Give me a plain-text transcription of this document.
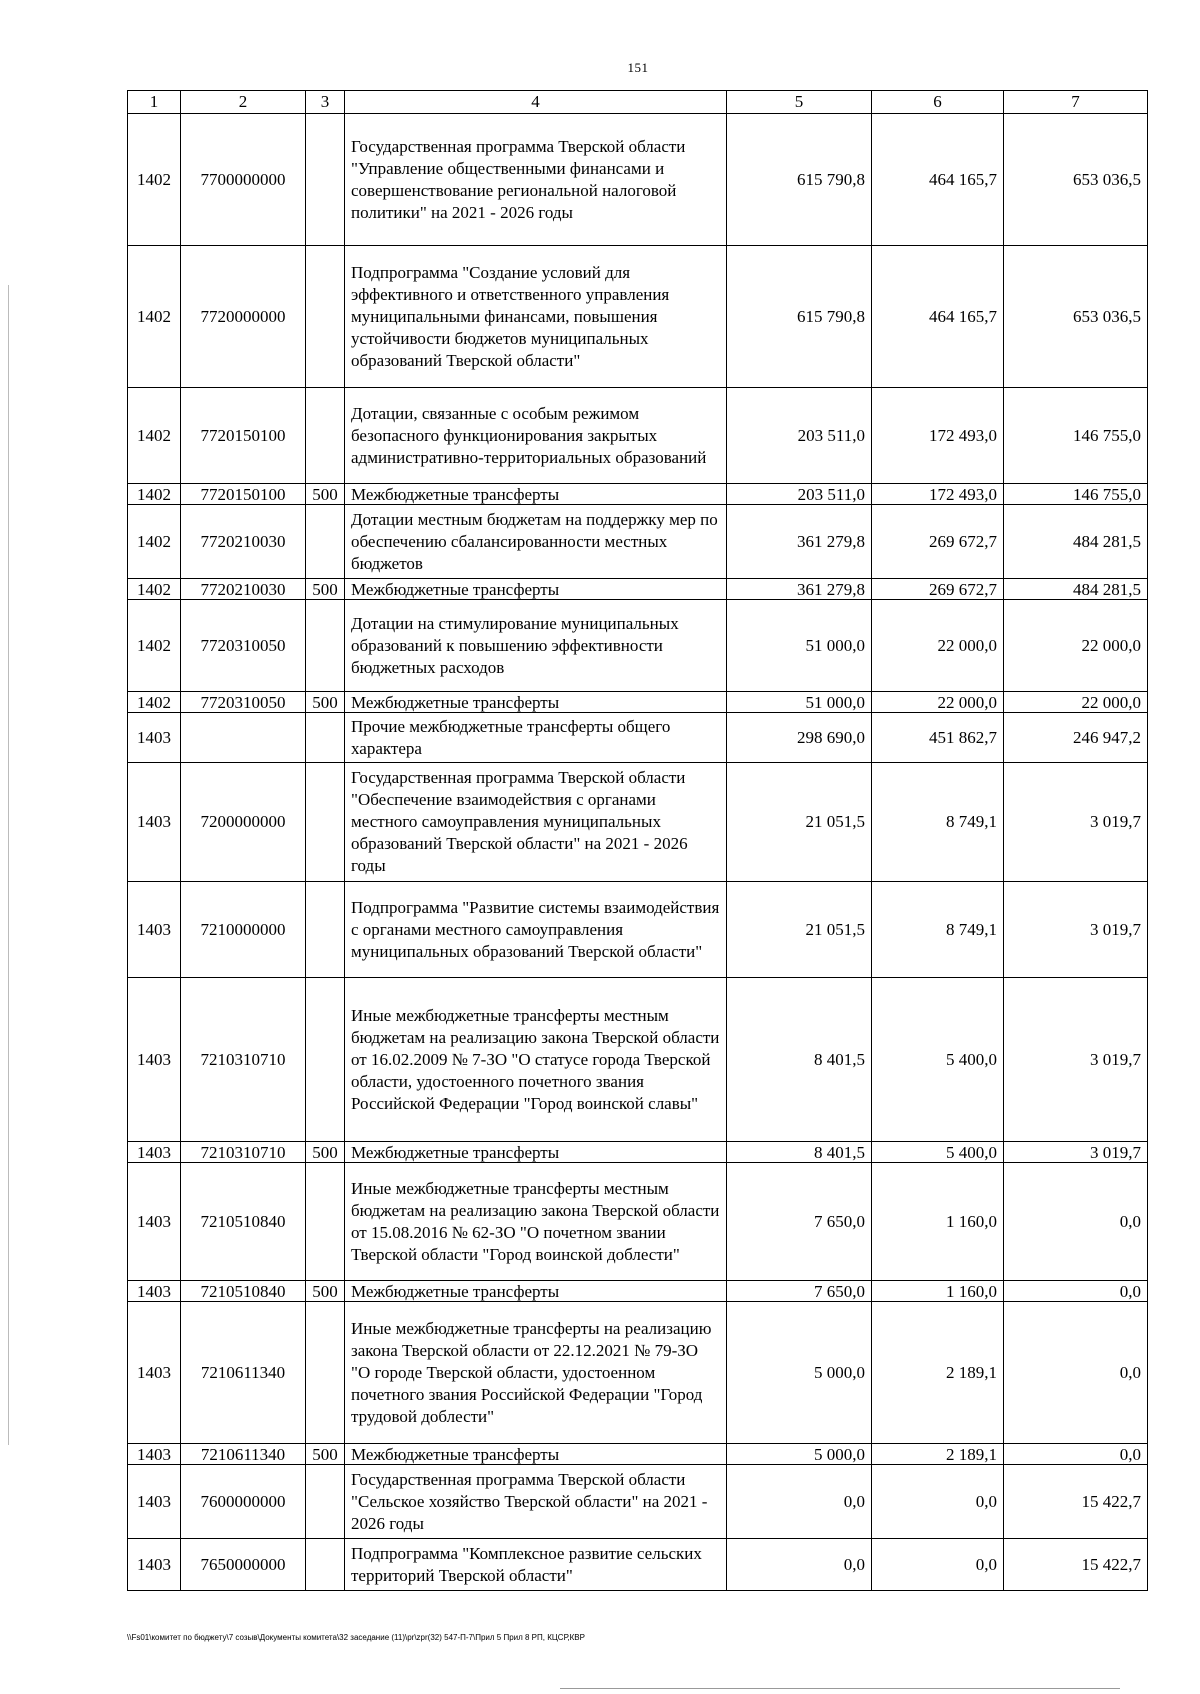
151
1	2	3	4	5	6	7
1402	7700000000		Государственная программа Тверской области "Управление общественными финансами и совершенствование региональной налоговой политики" на 2021 - 2026 годы	615 790,8	464 165,7	653 036,5
1402	7720000000		Подпрограмма "Создание условий для эффективного и ответственного управления муниципальными финансами, повышения устойчивости бюджетов муниципальных образований Тверской области"	615 790,8	464 165,7	653 036,5
1402	7720150100		Дотации, связанные с особым режимом безопасного функционирования закрытых административно-территориальных образований	203 511,0	172 493,0	146 755,0
1402	7720150100	500	Межбюджетные трансферты	203 511,0	172 493,0	146 755,0
1402	7720210030		Дотации местным бюджетам на поддержку мер по обеспечению сбалансированности местных бюджетов	361 279,8	269 672,7	484 281,5
1402	7720210030	500	Межбюджетные трансферты	361 279,8	269 672,7	484 281,5
1402	7720310050		Дотации на стимулирование муниципальных образований к повышению эффективности бюджетных расходов	51 000,0	22 000,0	22 000,0
1402	7720310050	500	Межбюджетные трансферты	51 000,0	22 000,0	22 000,0
1403			Прочие межбюджетные трансферты общего характера	298 690,0	451 862,7	246 947,2
1403	7200000000		Государственная программа Тверской области "Обеспечение взаимодействия с органами местного самоуправления муниципальных образований Тверской области" на 2021 - 2026 годы	21 051,5	8 749,1	3 019,7
1403	7210000000		Подпрограмма "Развитие системы взаимодействия с органами местного самоуправления муниципальных образований Тверской области"	21 051,5	8 749,1	3 019,7
1403	7210310710		Иные межбюджетные трансферты местным бюджетам на реализацию закона Тверской области от 16.02.2009 № 7-ЗО "О статусе города Тверской области, удостоенного почетного звания Российской Федерации "Город воинской славы"	8 401,5	5 400,0	3 019,7
1403	7210310710	500	Межбюджетные трансферты	8 401,5	5 400,0	3 019,7
1403	7210510840		Иные межбюджетные трансферты местным бюджетам на реализацию закона Тверской области от 15.08.2016 № 62-ЗО "О почетном звании Тверской области "Город воинской доблести"	7 650,0	1 160,0	0,0
1403	7210510840	500	Межбюджетные трансферты	7 650,0	1 160,0	0,0
1403	7210611340		Иные межбюджетные трансферты на реализацию закона Тверской области от 22.12.2021 № 79-ЗО "О городе Тверской области, удостоенном почетного звания Российской Федерации "Город трудовой доблести"	5 000,0	2 189,1	0,0
1403	7210611340	500	Межбюджетные трансферты	5 000,0	2 189,1	0,0
1403	7600000000		Государственная программа Тверской области "Сельское хозяйство Тверской области" на 2021 - 2026 годы	0,0	0,0	15 422,7
1403	7650000000		Подпрограмма "Комплексное развитие сельских территорий Тверской области"	0,0	0,0	15 422,7
\\Fs01\комитет по бюджету\7 созыв\Документы комитета\32 заседание (11)\pr\zpr(32) 547-П-7\Прил 5 Прил 8 РП, КЦСР,КВР
